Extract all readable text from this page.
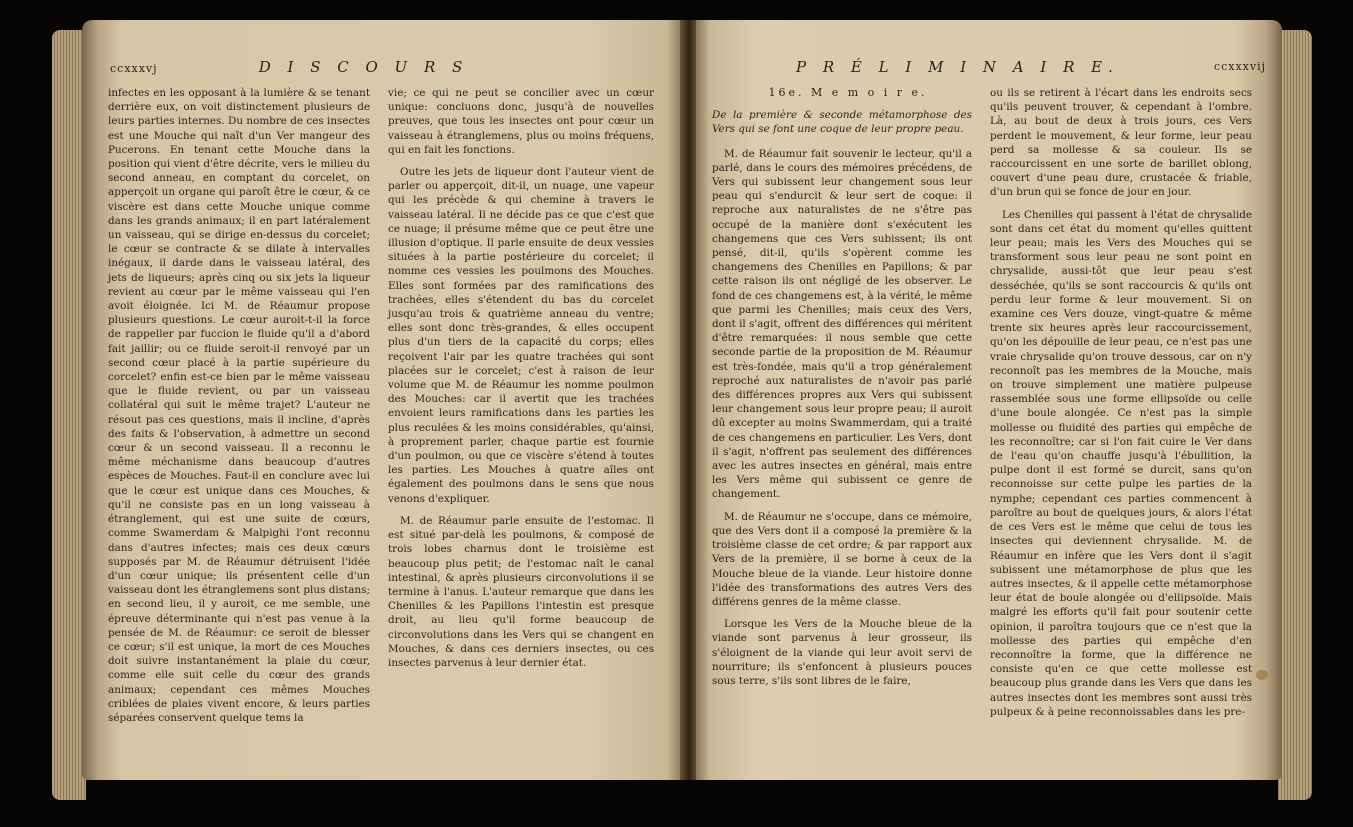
ccxxxvj	D I S C O U R S

infectes en les opposant à la lumière & se tenant derrière eux, on voit distinctement plusieurs de leurs parties internes. Du nombre de ces insectes est une Mouche qui naît d'un Ver mangeur des Pucerons. En tenant cette Mouche dans la position qui vient d'être décrite, vers le milieu du second anneau, en comptant du corcelet, on apperçoit un organe qui paroît être le cœur, & ce viscère est dans cette Mouche unique comme dans les grands animaux; il en part latéralement un vaisseau, qui se dirige en-dessus du corcelet; le cœur se contracte & se dilate à intervalles inégaux, il darde dans le vaisseau latéral, des jets de liqueurs; après cinq ou six jets la liqueur revient au cœur par le même vaisseau qui l'en avoit éloignée. Ici M. de Réaumur propose plusieurs questions. Le cœur auroit-t-il la force de rappeller par fuccion le fluide qu'il a d'abord fait jaillir; ou ce fluide seroit-il renvoyé par un second cœur placé à la partie supérieure du corcelet? enfin est-ce bien par le même vaisseau que le fluide revient, ou par un vaisseau collatéral qui suit le même trajet? L'auteur ne résout pas ces questions, mais il incline, d'après des faits & l'observation, à admettre un second cœur & un second vaisseau. Il a reconnu le même méchanisme dans beaucoup d'autres espèces de Mouches. Faut-il en conclure avec lui que le cœur est unique dans ces Mouches, & qu'il ne consiste pas en un long vaisseau à étranglement, qui est une suite de cœurs, comme Swamerdam & Malpighi l'ont reconnu dans d'autres infectes; mais ces deux cœurs supposés par M. de Réaumur détruisent l'idée d'un cœur unique; ils présentent celle d'un vaisseau dont les étranglemens sont plus distans; en second lieu, il y auroit, ce me semble, une épreuve déterminante qui n'est pas venue à la pensée de M. de Réaumur: ce seroit de blesser ce cœur; s'il est unique, la mort de ces Mouches doit suivre instantanément la plaie du cœur, comme elle suit celle du cœur des grands animaux; cependant ces mêmes Mouches criblées de plaies vivent encore, & leurs parties séparées conservent quelque tems la

vie; ce qui ne peut se concilier avec un cœur unique: concluons donc, jusqu'à de nouvelles preuves, que tous les insectes ont pour cœur un vaisseau à étranglemens, plus ou moins fréquens, qui en fait les fonctions.

Outre les jets de liqueur dont l'auteur vient de parler ou apperçoit, dit-il, un nuage, une vapeur qui les précède & qui chemine à travers le vaisseau latéral. Il ne décide pas ce que c'est que ce nuage; il présume même que ce peut être une illusion d'optique. Il parle ensuite de deux vessies situées à la partie postérieure du corcelet; il nomme ces vessies les poulmons des Mouches. Elles sont formées par des ramifications des trachées, elles s'étendent du bas du corcelet jusqu'au trois & quatrième anneau du ventre; elles sont donc très-grandes, & elles occupent plus d'un tiers de la capacité du corps; elles reçoivent l'air par les quatre trachées qui sont placées sur le corcelet; c'est à raison de leur volume que M. de Réaumur les nomme poulmon des Mouches: car il avertit que les trachées envoient leurs ramifications dans les parties les plus reculées & les moins considérables, qu'ainsi, à proprement parler, chaque partie est fournie d'un poulmon, ou que ce viscère s'étend à toutes les parties. Les Mouches à quatre aîles ont également des poulmons dans le sens que nous venons d'expliquer.

M. de Réaumur parle ensuite de l'estomac. Il est situé par-delà les poulmons, & composé de trois lobes charnus dont le troisième est beaucoup plus petit; de l'estomac naît le canal intestinal, & après plusieurs circonvolutions il se termine à l'anus. L'auteur remarque que dans les Chenilles & les Papillons l'intestin est presque droit, au lieu qu'il forme beaucoup de circonvolutions dans les Vers qui se changent en Mouches, & dans ces derniers insectes, ou ces insectes parvenus à leur dernier état.

P R É L I M I N A I R E.	ccxxxvij

16e. M e m o i r e.

De la première & seconde métamorphose des Vers qui se font une coque de leur propre peau.

M. de Réaumur fait souvenir le lecteur, qu'il a parlé, dans le cours des mémoires précédens, de Vers qui subissent leur changement sous leur peau qui s'endurcit & leur sert de coque: il reproche aux naturalistes de ne s'être pas occupé de la manière dont s'exécutent les changemens que ces Vers subissent; ils ont pensé, dit-il, qu'ils s'opèrent comme les changemens des Chenilles en Papillons; & par cette raison ils ont négligé de les observer. Le fond de ces changemens est, à la vérité, le même que parmi les Chenilles; mais ceux des Vers, dont il s'agit, offrent des différences qui méritent d'être remarquées: il nous semble que cette seconde partie de la proposition de M. Réaumur est très-fondée, mais qu'il a trop généralement reproché aux naturalistes de n'avoir pas parlé des différences propres aux Vers qui subissent leur changement sous leur propre peau; il auroit dû excepter au moins Swammerdam, qui a traité de ces changemens en particulier. Les Vers, dont il s'agit, n'offrent pas seulement des différences avec les autres insectes en général, mais entre les Vers même qui subissent ce genre de changement.

M. de Réaumur ne s'occupe, dans ce mémoire, que des Vers dont il a composé la première & la troisième classe de cet ordre; & par rapport aux Vers de la première, il se borne à ceux de la Mouche bleue de la viande. Leur histoire donne l'idée des transformations des autres Vers des différens genres de la même classe.

Lorsque les Vers de la Mouche bleue de la viande sont parvenus à leur grosseur, ils s'éloignent de la viande qui leur avoit servi de nourriture; ils s'enfoncent à plusieurs pouces sous terre, s'ils sont libres de le faire,

ou ils se retirent à l'écart dans les endroits secs qu'ils peuvent trouver, & cependant à l'ombre. Là, au bout de deux à trois jours, ces Vers perdent le mouvement, & leur forme, leur peau perd sa mollesse & sa couleur. Ils se raccourcissent en une sorte de barillet oblong, couvert d'une peau dure, crustacée & friable, d'un brun qui se fonce de jour en jour.

Les Chenilles qui passent à l'état de chrysalide sont dans cet état du moment qu'elles quittent leur peau; mais les Vers des Mouches qui se transforment sous leur peau ne sont point en chrysalide, aussi-tôt que leur peau s'est desséchée, qu'ils se sont raccourcis & qu'ils ont perdu leur forme & leur mouvement. Si on examine ces Vers douze, vingt-quatre & même trente six heures après leur raccourcissement, qu'on les dépouille de leur peau, ce n'est pas une vraie chrysalide qu'on trouve dessous, car on n'y reconnoît pas les membres de la Mouche, mais on trouve simplement une matière pulpeuse rassemblée sous une forme ellipsoïde ou celle d'une boule alongée. Ce n'est pas la simple mollesse ou fluidité des parties qui empêche de les reconnoître; car si l'on fait cuire le Ver dans de l'eau qu'on chauffe jusqu'à l'ébullition, la pulpe dont il est formé se durcit, sans qu'on reconnoisse sur cette pulpe les parties de la nymphe; cependant ces parties commencent à paroître au bout de quelques jours, & alors l'état de ces Vers est le même que celui de tous les insectes qui deviennent chrysalide. M. de Réaumur en infère que les Vers dont il s'agit subissent une métamorphose de plus que les autres insectes, & il appelle cette métamorphose leur état de boule alongée ou d'ellipsoïde. Mais malgré les efforts qu'il fait pour soutenir cette opinion, il paroîtra toujours que ce n'est que la mollesse des parties qui empêche d'en reconnoître la forme, que la différence ne consiste qu'en ce que cette mollesse est beaucoup plus grande dans les Vers que dans les autres insectes dont les membres sont aussi très pulpeux & à peine reconnoissables dans les pre-
